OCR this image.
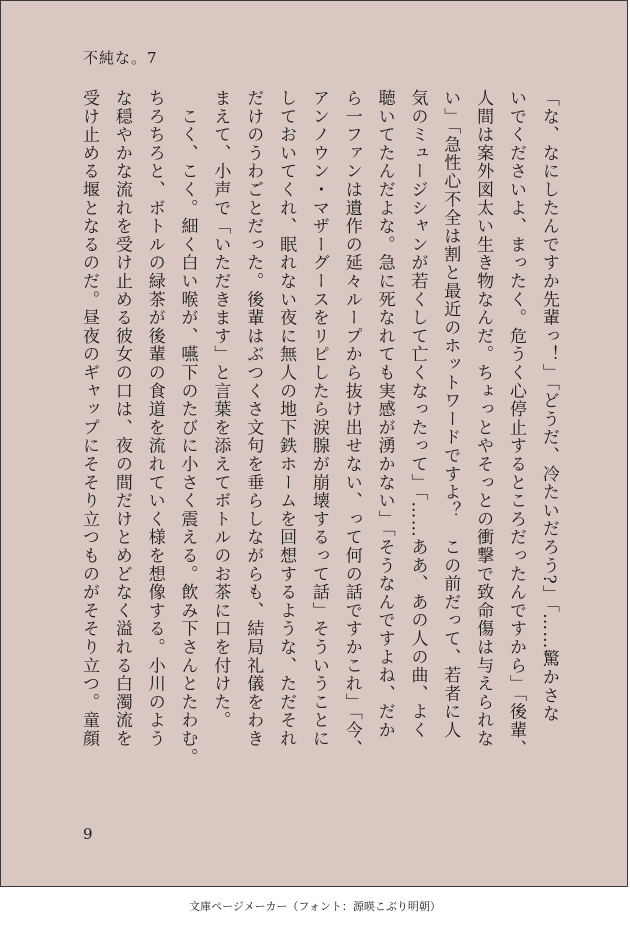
不純な。7
「な、なにしたんですか先輩っ！」「どうだ、冷たいだろう?」「……驚かさな
いでくださいよ、まったく。危うく心停止するところだったんですから」「後輩、
人間は案外図太い生き物なんだ。ちょっとやそっとの衝撃で致命傷は与えられな
い」「急性心不全は割と最近のホットワードですよ？　この前だって、若者に人
気のミュージシャンが若くして亡くなったって」「……ああ、あの人の曲、よく
聴いてたんだよな。急に死なれても実感が湧かない」「そうなんですよね、だか
ら一ファンは遺作の延々ループから抜け出せない、って何の話ですかこれ」「今、
アンノウン・マザーグースをリピしたら涙腺が崩壊するって話」そういうことに
しておいてくれ、眠れない夜に無人の地下鉄ホームを回想するような、ただそれ
だけのうわごとだった。後輩はぶつくさ文句を垂らしながらも、結局礼儀をわき
まえて、小声で「いただきます」と言葉を添えてボトルのお茶に口を付けた。
　こく、こく。細く白い喉が、嚥下のたびに小さく震える。飲み下さんとたわむ。
ちろちろと、ボトルの緑茶が後輩の食道を流れていく様を想像する。小川のよう
な穏やかな流れを受け止める彼女の口は、夜の間だけとめどなく溢れる白濁流を
受け止める堰となるのだ。昼夜のギャップにそそり立つものがそそり立つ。童顔
9
文庫ページメーカー（フォント：源暎こぶり明朝）
